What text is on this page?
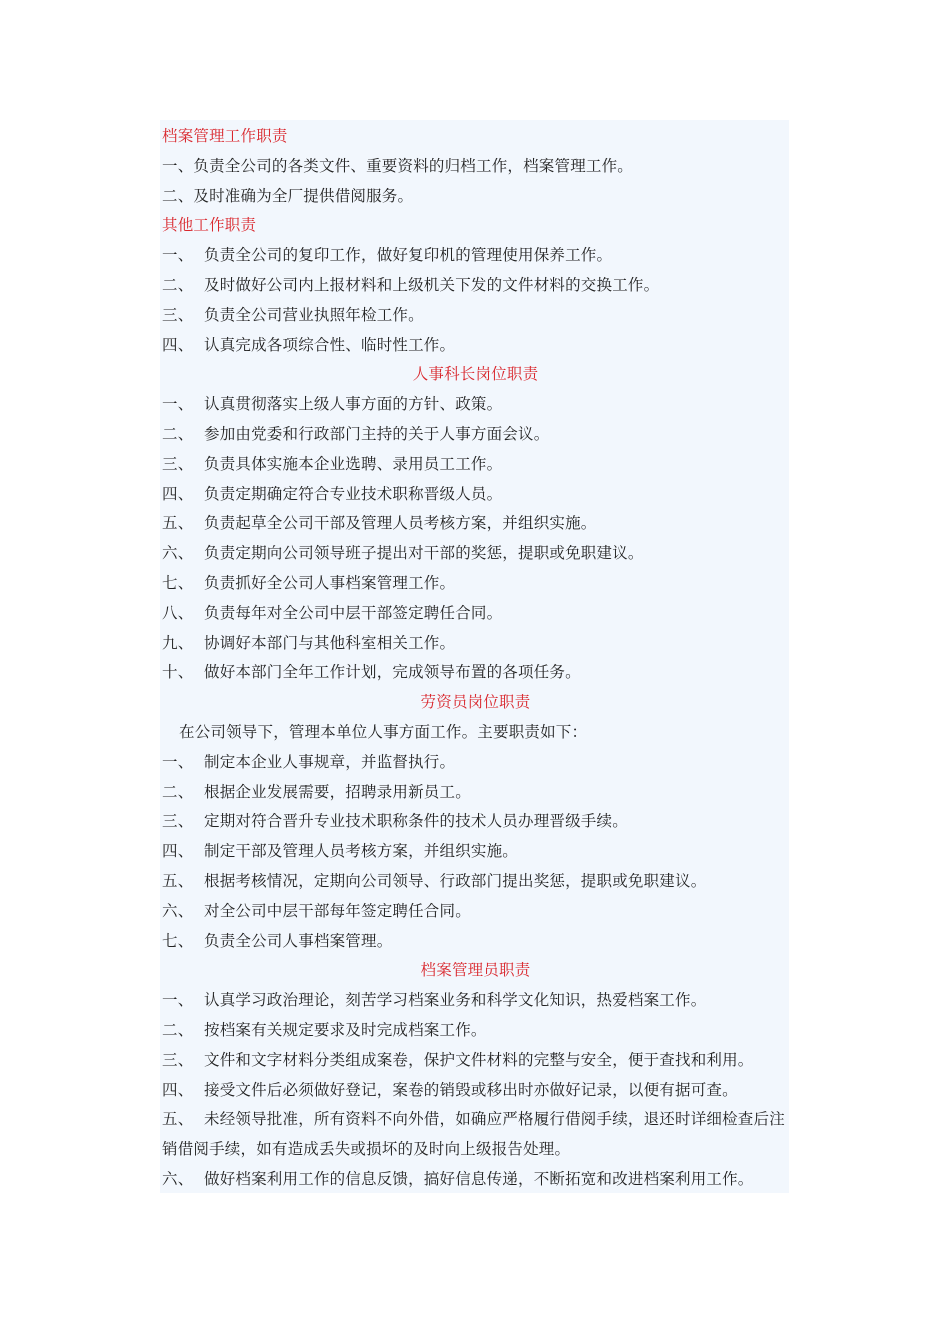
档案管理工作职责
一、负责全公司的各类文件、重要资料的归档工作，档案管理工作。
二、及时准确为全厂提供借阅服务。
其他工作职责
一、 负责全公司的复印工作，做好复印机的管理使用保养工作。
二、 及时做好公司内上报材料和上级机关下发的文件材料的交换工作。
三、 负责全公司营业执照年检工作。
四、 认真完成各项综合性、临时性工作。
人事科长岗位职责
一、 认真贯彻落实上级人事方面的方针、政策。
二、 参加由党委和行政部门主持的关于人事方面会议。
三、 负责具体实施本企业选聘、录用员工工作。
四、 负责定期确定符合专业技术职称晋级人员。
五、 负责起草全公司干部及管理人员考核方案，并组织实施。
六、 负责定期向公司领导班子提出对干部的奖惩，提职或免职建议。
七、 负责抓好全公司人事档案管理工作。
八、 负责每年对全公司中层干部签定聘任合同。
九、 协调好本部门与其他科室相关工作。
十、 做好本部门全年工作计划，完成领导布置的各项任务。
劳资员岗位职责
在公司领导下，管理本单位人事方面工作。主要职责如下：
一、 制定本企业人事规章，并监督执行。
二、 根据企业发展需要，招聘录用新员工。
三、 定期对符合晋升专业技术职称条件的技术人员办理晋级手续。
四、 制定干部及管理人员考核方案，并组织实施。
五、 根据考核情况，定期向公司领导、行政部门提出奖惩，提职或免职建议。
六、 对全公司中层干部每年签定聘任合同。
七、 负责全公司人事档案管理。
档案管理员职责
一、 认真学习政治理论，刻苦学习档案业务和科学文化知识，热爱档案工作。
二、 按档案有关规定要求及时完成档案工作。
三、 文件和文字材料分类组成案卷，保护文件材料的完整与安全，便于查找和利用。
四、 接受文件后必须做好登记，案卷的销毁或移出时亦做好记录，以便有据可查。
五、 未经领导批准，所有资料不向外借，如确应严格履行借阅手续，退还时详细检查后注销借阅手续，如有造成丢失或损坏的及时向上级报告处理。
六、 做好档案利用工作的信息反馈，搞好信息传递，不断拓宽和改进档案利用工作。
